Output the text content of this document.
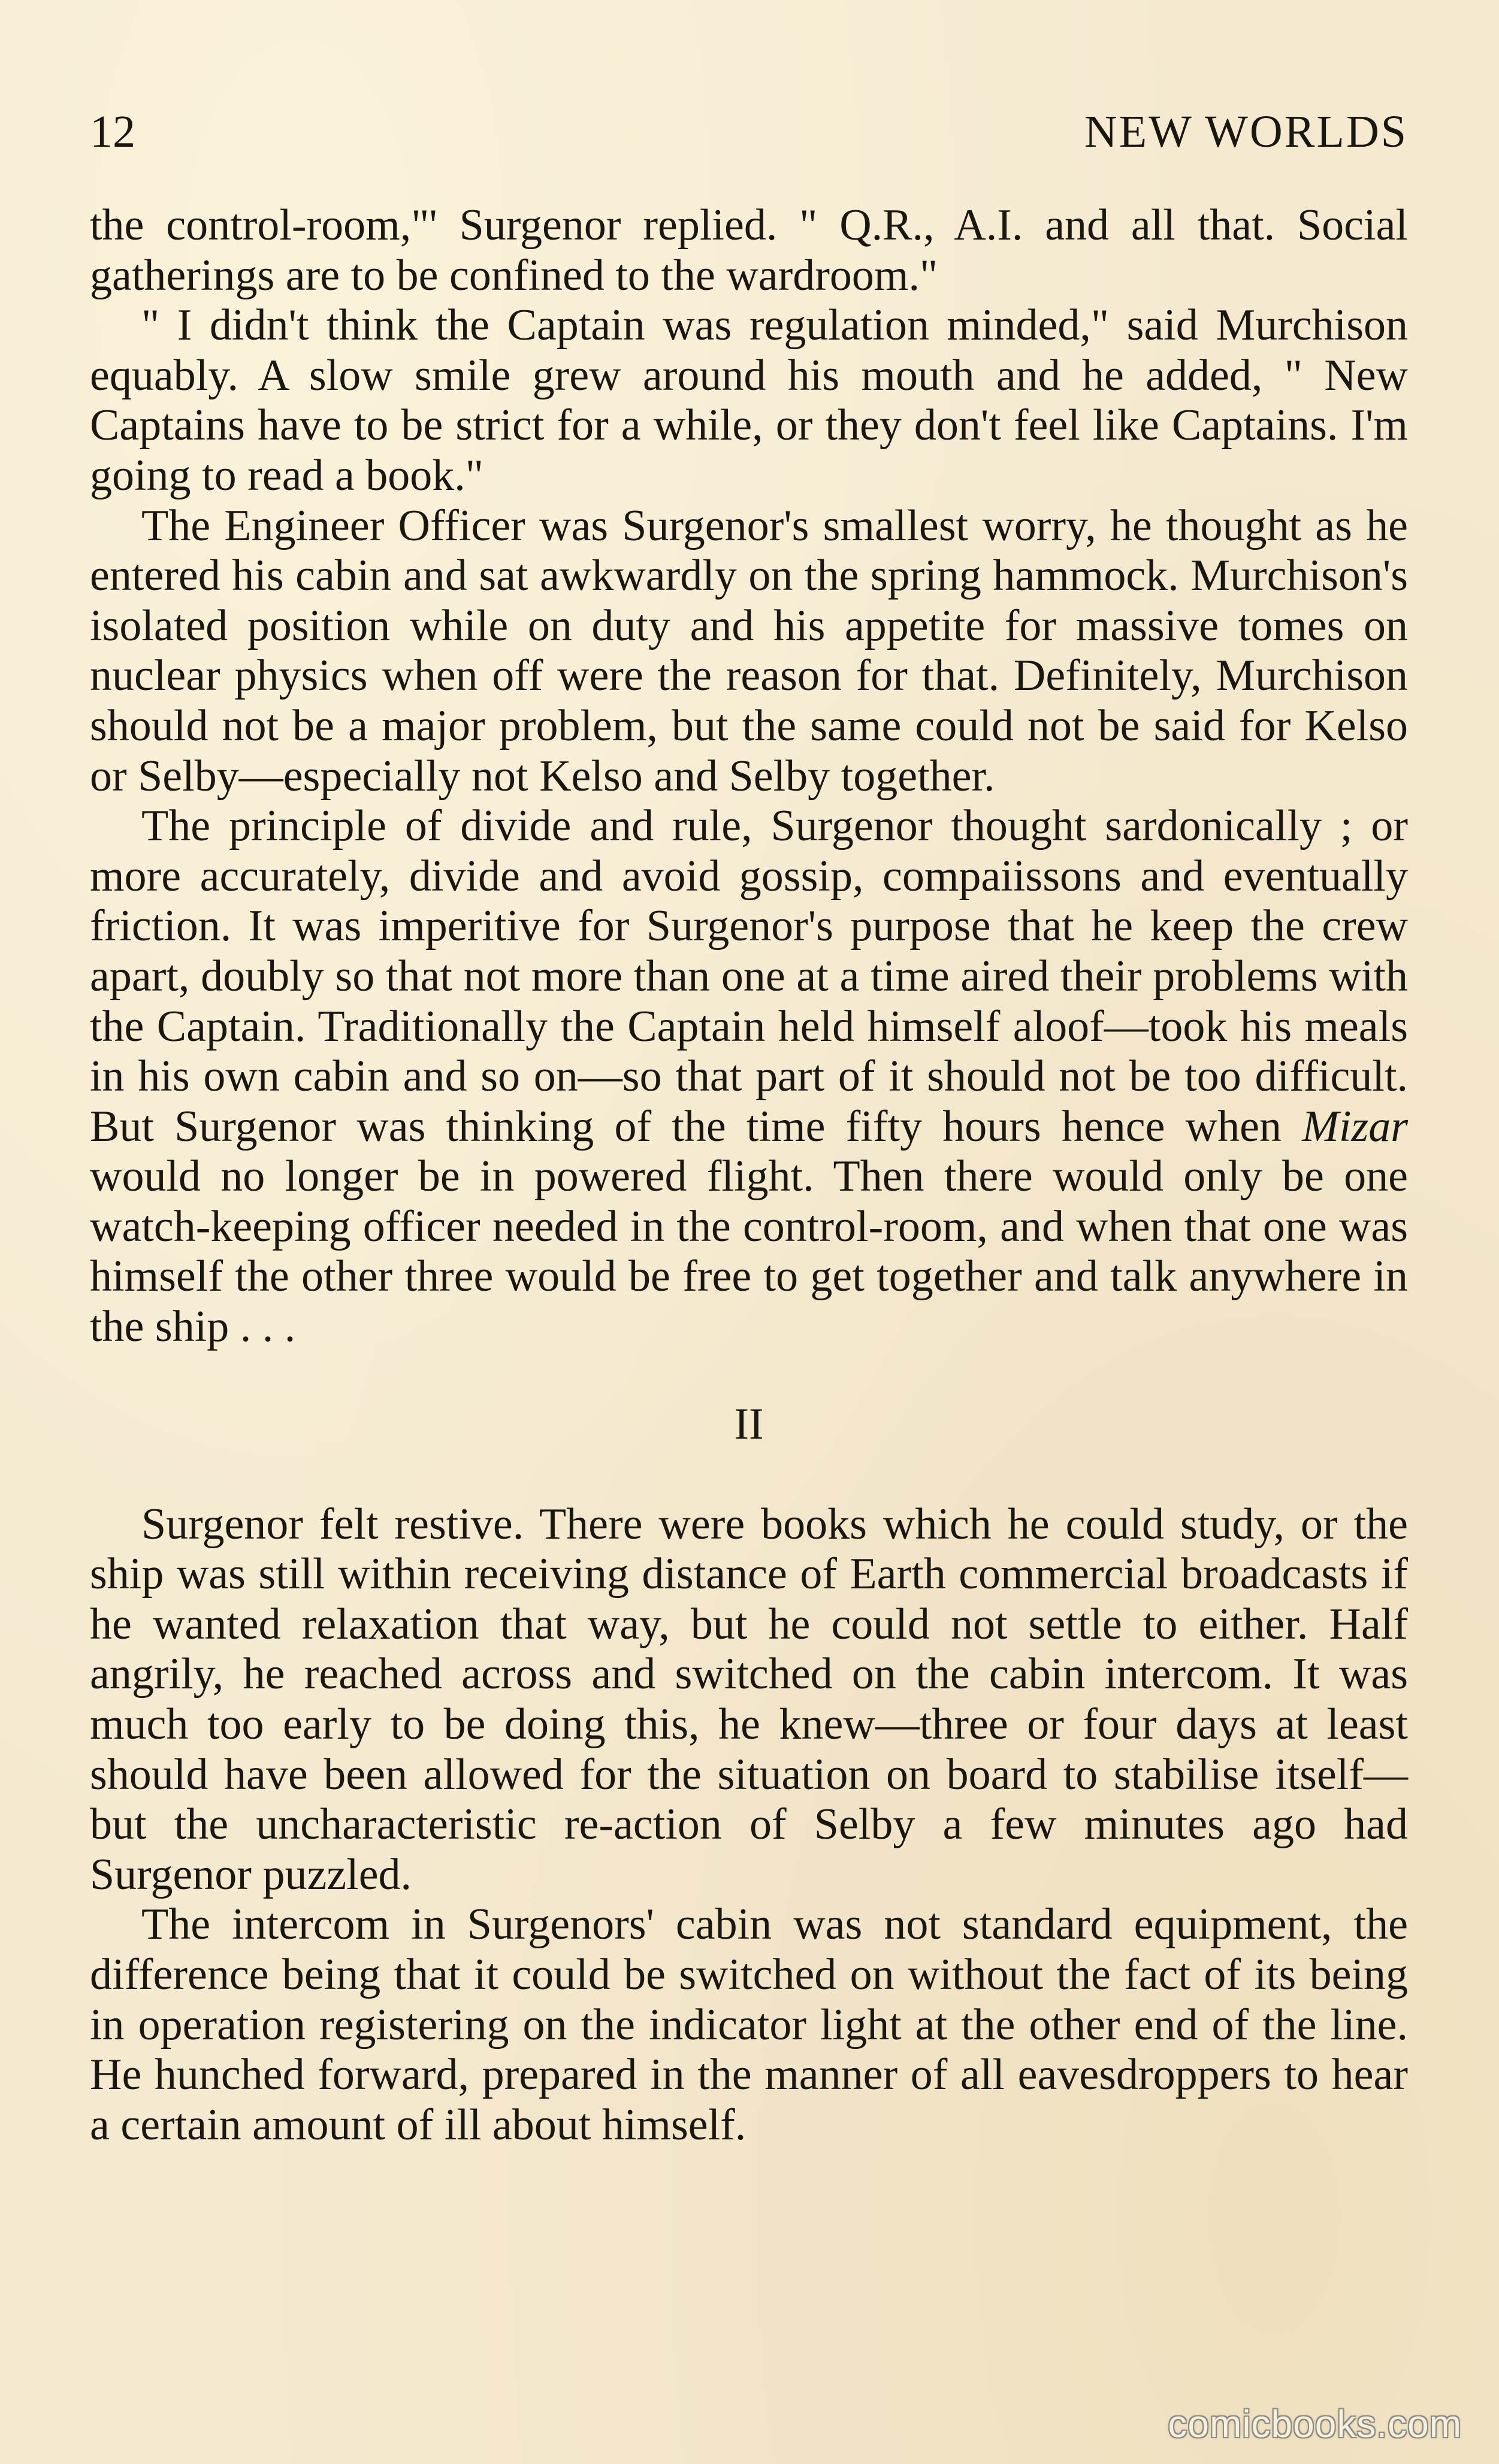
12	NEW WORLDS

the control-room,"' Surgenor replied. " Q.R., A.I. and all that. Social gatherings are to be confined to the wardroom."

" I didn't think the Captain was regulation minded," said Murchison equably. A slow smile grew around his mouth and he added, " New Captains have to be strict for a while, or they don't feel like Captains. I'm going to read a book."

The Engineer Officer was Surgenor's smallest worry, he thought as he entered his cabin and sat awkwardly on the spring hammock. Murchison's isolated position while on duty and his appetite for massive tomes on nuclear physics when off were the reason for that. Definitely, Murchison should not be a major problem, but the same could not be said for Kelso or Selby—especially not Kelso and Selby together.

The principle of divide and rule, Surgenor thought sardonically ; or more accurately, divide and avoid gossip, compaiissons and eventually friction. It was imperitive for Surgenor's purpose that he keep the crew apart, doubly so that not more than one at a time aired their problems with the Captain. Traditionally the Captain held himself aloof—took his meals in his own cabin and so on—so that part of it should not be too difficult. But Surgenor was thinking of the time fifty hours hence when Mizar would no longer be in powered flight. Then there would only be one watch-keeping officer needed in the control-room, and when that one was himself the other three would be free to get together and talk anywhere in the ship . . .

II

Surgenor felt restive. There were books which he could study, or the ship was still within receiving distance of Earth commercial broadcasts if he wanted relaxation that way, but he could not settle to either. Half angrily, he reached across and switched on the cabin intercom. It was much too early to be doing this, he knew—three or four days at least should have been allowed for the situation on board to stabilise itself—but the uncharacteristic re-action of Selby a few minutes ago had Surgenor puzzled.

The intercom in Surgenors' cabin was not standard equipment, the difference being that it could be switched on without the fact of its being in operation registering on the indicator light at the other end of the line. He hunched forward, prepared in the manner of all eavesdroppers to hear a certain amount of ill about himself.

comicbooks.com
